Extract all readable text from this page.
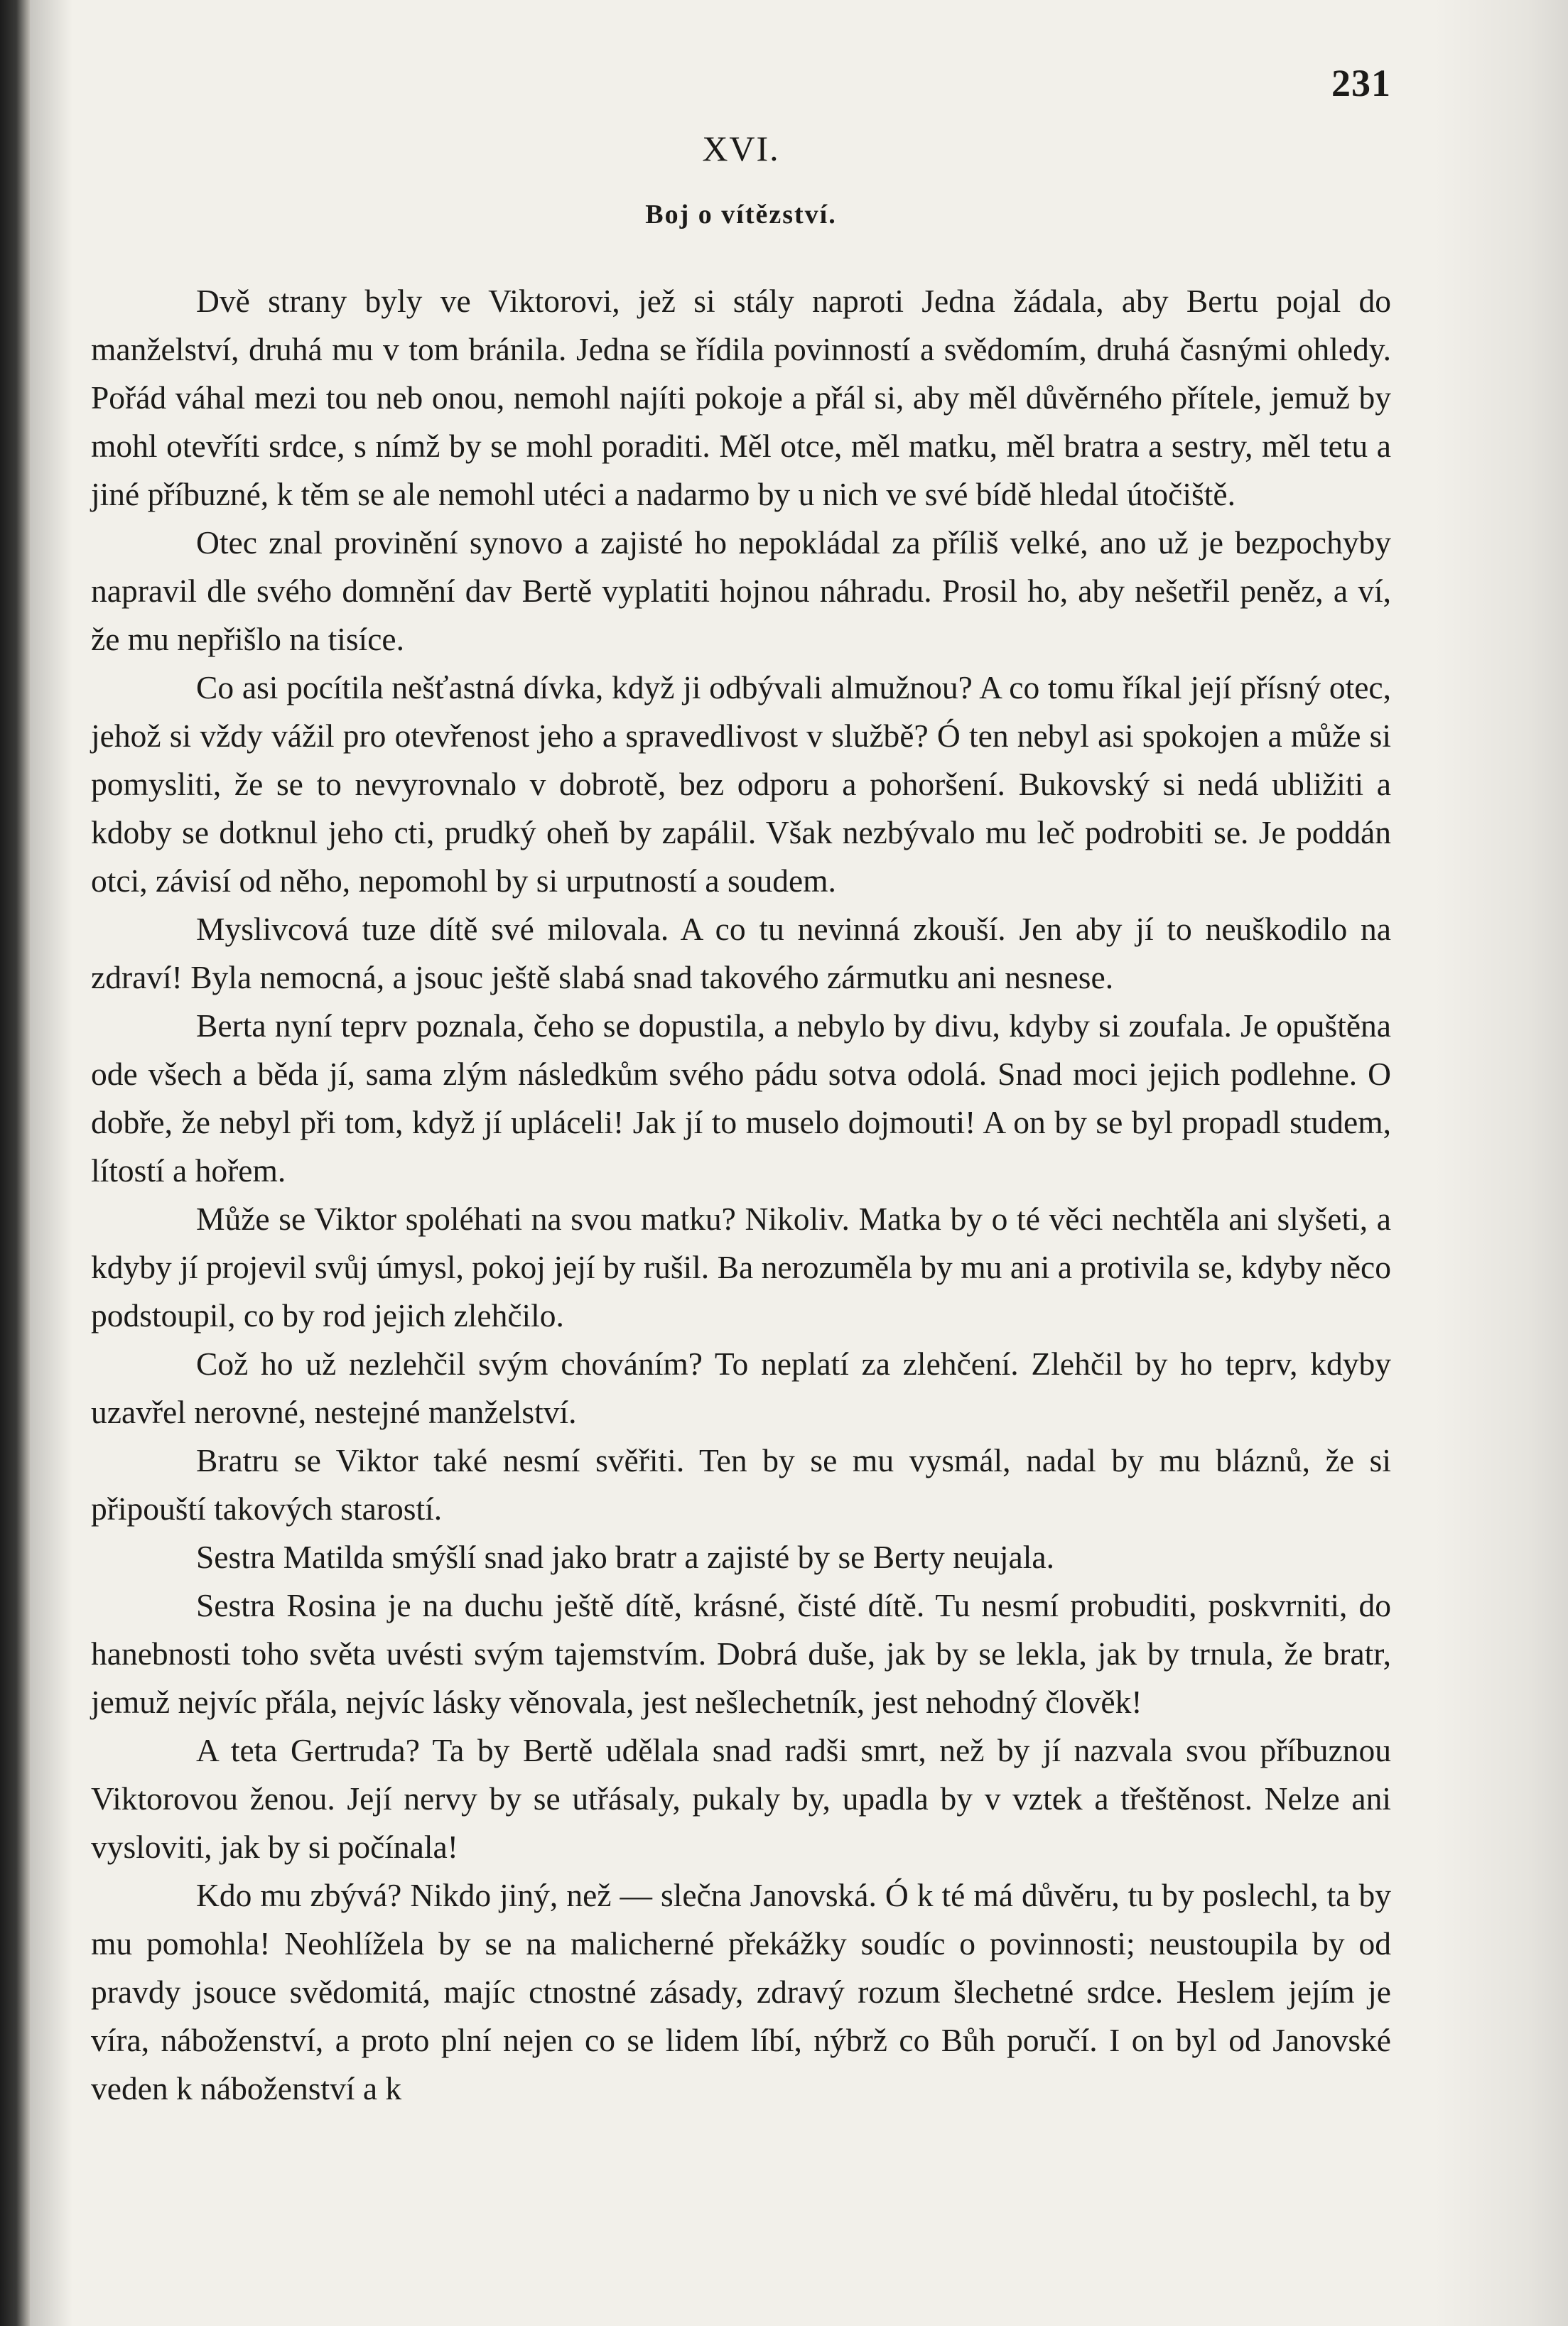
231
XVI.
Boj o vítězství.

Dvě strany byly ve Viktorovi, jež si stály naproti Jedna žádala, aby Bertu pojal do manželství, druhá mu v tom bránila. Jedna se řídila povinností a svědomím, druhá časnými ohledy. Pořád váhal mezi tou neb onou, nemohl najíti pokoje a přál si, aby měl důvěrného přítele, jemuž by mohl otevříti srdce, s nímž by se mohl poraditi. Měl otce, měl matku, měl bratra a sestry, měl tetu a jiné příbuzné, k těm se ale nemohl utéci a nadarmo by u nich ve své bídě hledal útočiště.

Otec znal provinění synovo a zajisté ho nepokládal za příliš velké, ano už je bezpochyby napravil dle svého domnění dav Bertě vyplatiti hojnou náhradu. Prosil ho, aby nešetřil peněz, a ví, že mu nepřišlo na tisíce.

Co asi pocítila nešťastná dívka, když ji odbývali almužnou? A co tomu říkal její přísný otec, jehož si vždy vážil pro otevřenost jeho a spravedlivost v službě? Ó ten nebyl asi spokojen a může si pomysliti, že se to nevyrovnalo v dobrotě, bez odporu a pohoršení. Bukovský si nedá ubližiti a kdoby se dotknul jeho cti, prudký oheň by zapálil. Však nezbývalo mu leč podrobiti se. Je poddán otci, závisí od něho, nepomohl by si urputností a soudem.

Myslivcová tuze dítě své milovala. A co tu nevinná zkouší. Jen aby jí to neuškodilo na zdraví! Byla nemocná, a jsouc ještě slabá snad takového zármutku ani nesnese.

Berta nyní teprv poznala, čeho se dopustila, a nebylo by divu, kdyby si zoufala. Je opuštěna ode všech a běda jí, sama zlým následkům svého pádu sotva odolá. Snad moci jejich podlehne. O dobře, že nebyl při tom, když jí upláceli! Jak jí to muselo dojmouti! A on by se byl propadl studem, lítostí a hořem.

Může se Viktor spoléhati na svou matku? Nikoliv. Matka by o té věci nechtěla ani slyšeti, a kdyby jí projevil svůj úmysl, pokoj její by rušil. Ba nerozuměla by mu ani a protivila se, kdyby něco podstoupil, co by rod jejich zlehčilo.

Což ho už nezlehčil svým chováním? To neplatí za zlehčení. Zlehčil by ho teprv, kdyby uzavřel nerovné, nestejné manželství.

Bratru se Viktor také nesmí svěřiti. Ten by se mu vysmál, nadal by mu bláznů, že si připouští takových starostí.

Sestra Matilda smýšlí snad jako bratr a zajisté by se Berty neujala.

Sestra Rosina je na duchu ještě dítě, krásné, čisté dítě. Tu nesmí probuditi, poskvrniti, do hanebnosti toho světa uvésti svým tajemstvím. Dobrá duše, jak by se lekla, jak by trnula, že bratr, jemuž nejvíc přála, nejvíc lásky věnovala, jest nešlechetník, jest nehodný člověk!

A teta Gertruda? Ta by Bertě udělala snad radši smrt, než by jí nazvala svou příbuznou Viktorovou ženou. Její nervy by se utřásaly, pukaly by, upadla by v vztek a třeštěnost. Nelze ani vysloviti, jak by si počínala!

Kdo mu zbývá? Nikdo jiný, než — slečna Janovská. Ó k té má důvěru, tu by poslechl, ta by mu pomohla! Neohlížela by se na malicherné překážky soudíc o povinnosti; neustoupila by od pravdy jsouce svědomitá, majíc ctnostné zásady, zdravý rozum šlechetné srdce. Heslem jejím je víra, náboženství, a proto plní nejen co se lidem líbí, nýbrž co Bůh poručí. I on byl od Janovské veden k náboženství a k
